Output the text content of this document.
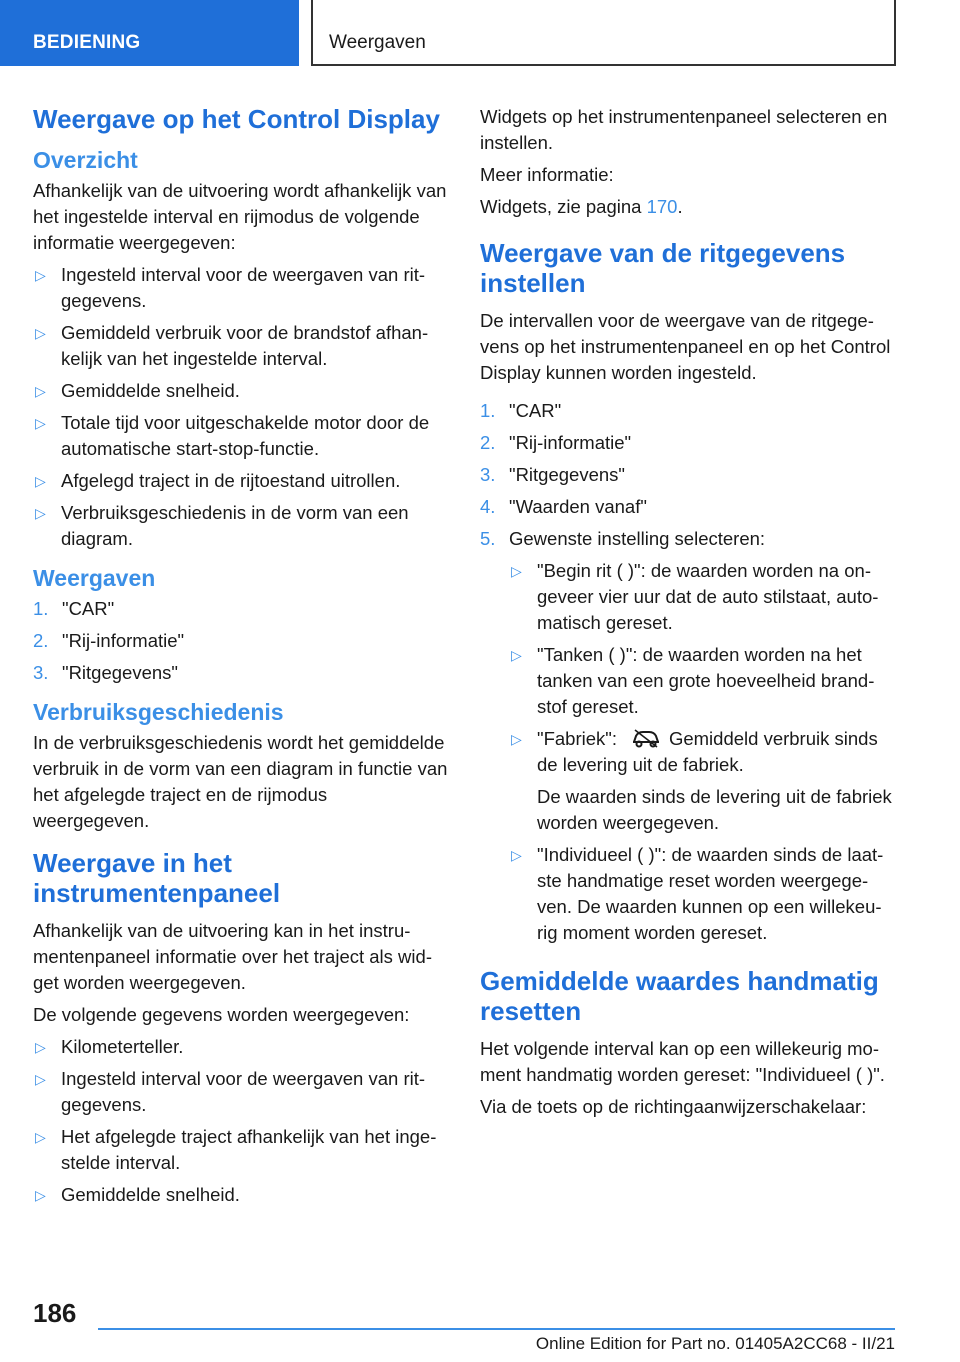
BEDIENING	Weergaven
Weergave op het Control Display
Overzicht

Afhankelijk van de uitvoering wordt afhankelijk van het ingestelde interval en rijmodus de volgende informatie weergegeven:

▷ Ingesteld interval voor de weergaven van ritgegevens.
▷ Gemiddeld verbruik voor de brandstof afhankelijk van het ingestelde interval.
▷ Gemiddelde snelheid.
▷ Totale tijd voor uitgeschakelde motor door de automatische start-stop-functie.
▷ Afgelegd traject in de rijtoestand uitrollen.
▷ Verbruiksgeschiedenis in de vorm van een diagram.
Weergaven
1. "CAR"
2. "Rij-informatie"
3. "Ritgegevens"
Verbruiksgeschiedenis

In de verbruiksgeschiedenis wordt het gemiddelde verbruik in de vorm van een diagram in functie van het afgelegde traject en de rijmodus weergegeven.

Weergave in het instrumentenpaneel

Afhankelijk van de uitvoering kan in het instrumentenpaneel informatie over het traject als widget worden weergegeven.

De volgende gegevens worden weergegeven:

▷ Kilometerteller.
▷ Ingesteld interval voor de weergaven van ritgegevens.
▷ Het afgelegde traject afhankelijk van het ingestelde interval.
▷ Gemiddelde snelheid.

Widgets op het instrumentenpaneel selecteren en instellen.

Meer informatie:

Widgets, zie pagina 170.

Weergave van de ritgegevens instellen

De intervallen voor de weergave van de ritgegevens op het instrumentenpaneel en op het Control Display kunnen worden ingesteld.

1. "CAR"
2. "Rij-informatie"
3. "Ritgegevens"
4. "Waarden vanaf"
5. Gewenste instelling selecteren:
▷ "Begin rit ( )": de waarden worden na ongeveer vier uur dat de auto stilstaat, automatisch gereset.
▷ "Tanken ( )": de waarden worden na het tanken van een grote hoeveelheid brandstof gereset.
▷ "Fabriek":	Gemiddeld verbruik sinds de levering uit de fabriek.
De waarden sinds de levering uit de fabriek worden weergegeven.
▷ "Individueel ( )": de waarden sinds de laatste handmatige reset worden weergegeven. De waarden kunnen op een willekeurig moment worden gereset.
Gemiddelde waardes handmatig resetten

Het volgende interval kan op een willekeurig moment handmatig worden gereset: "Individueel ( )".

Via de toets op de richtingaanwijzerschakelaar:

186
Online Edition for Part no. 01405A2CC68 - II/21
